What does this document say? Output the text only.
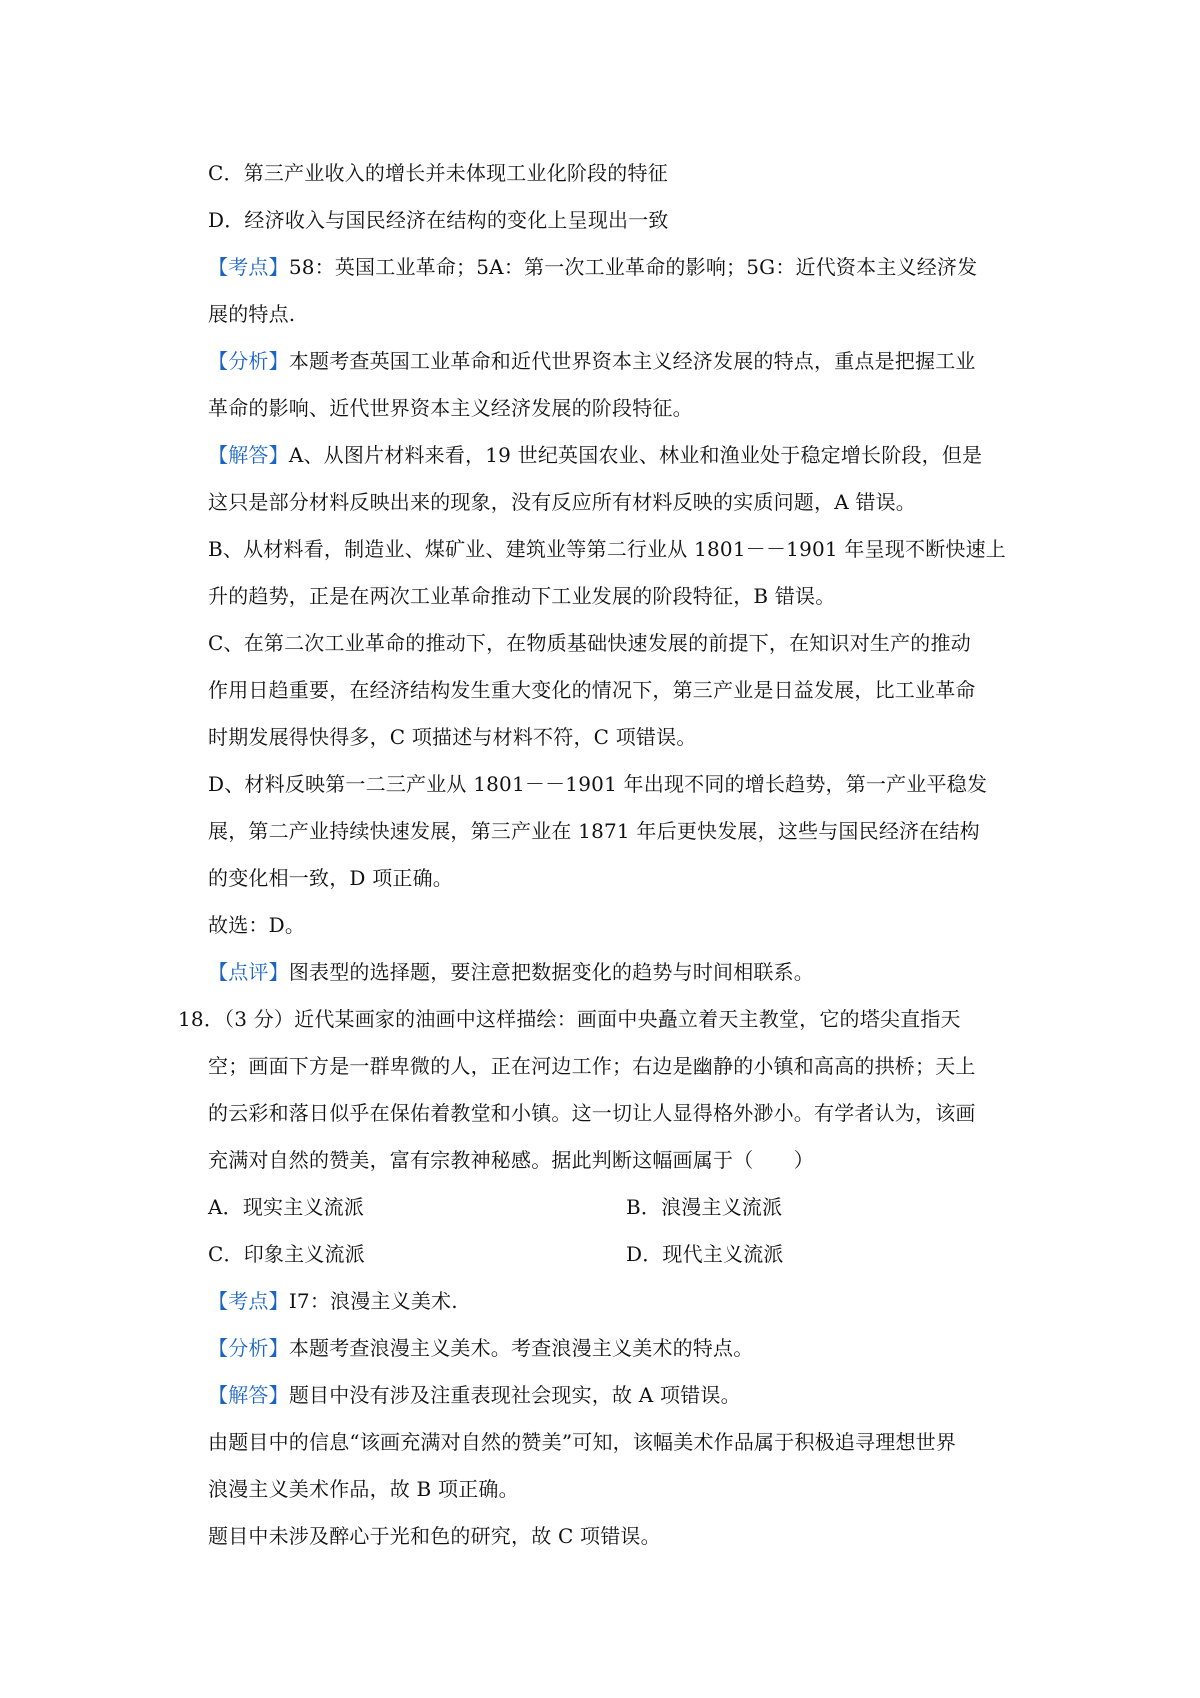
C．第三产业收入的增长并未体现工业化阶段的特征
D．经济收入与国民经济在结构的变化上呈现出一致
【考点】58：英国工业革命；5A：第一次工业革命的影响；5G：近代资本主义经济发
展的特点.
【分析】本题考查英国工业革命和近代世界资本主义经济发展的特点，重点是把握工业
革命的影响、近代世界资本主义经济发展的阶段特征。
【解答】A、从图片材料来看，19 世纪英国农业、林业和渔业处于稳定增长阶段，但是
这只是部分材料反映出来的现象，没有反应所有材料反映的实质问题，A 错误。
B、从材料看，制造业、煤矿业、建筑业等第二行业从 1801－－1901 年呈现不断快速上
升的趋势，正是在两次工业革命推动下工业发展的阶段特征，B 错误。
C、在第二次工业革命的推动下，在物质基础快速发展的前提下，在知识对生产的推动
作用日趋重要，在经济结构发生重大变化的情况下，第三产业是日益发展，比工业革命
时期发展得快得多，C 项描述与材料不符，C 项错误。
D、材料反映第一二三产业从 1801－－1901 年出现不同的增长趋势，第一产业平稳发
展，第二产业持续快速发展，第三产业在 1871 年后更快发展，这些与国民经济在结构
的变化相一致，D 项正确。
故选：D。
【点评】图表型的选择题，要注意把数据变化的趋势与时间相联系。
18．（3 分）近代某画家的油画中这样描绘：画面中央矗立着天主教堂，它的塔尖直指天
空；画面下方是一群卑微的人，正在河边工作；右边是幽静的小镇和高高的拱桥；天上
的云彩和落日似乎在保佑着教堂和小镇。这一切让人显得格外渺小。有学者认为，该画
充满对自然的赞美，富有宗教神秘感。据此判断这幅画属于（　　）
A．现实主义流派	B．浪漫主义流派
C．印象主义流派	D．现代主义流派
【考点】I7：浪漫主义美术.
【分析】本题考查浪漫主义美术。考查浪漫主义美术的特点。
【解答】题目中没有涉及注重表现社会现实，故 A 项错误。
由题目中的信息“该画充满对自然的赞美”可知，该幅美术作品属于积极追寻理想世界
浪漫主义美术作品，故 B 项正确。
题目中未涉及醉心于光和色的研究，故 C 项错误。
